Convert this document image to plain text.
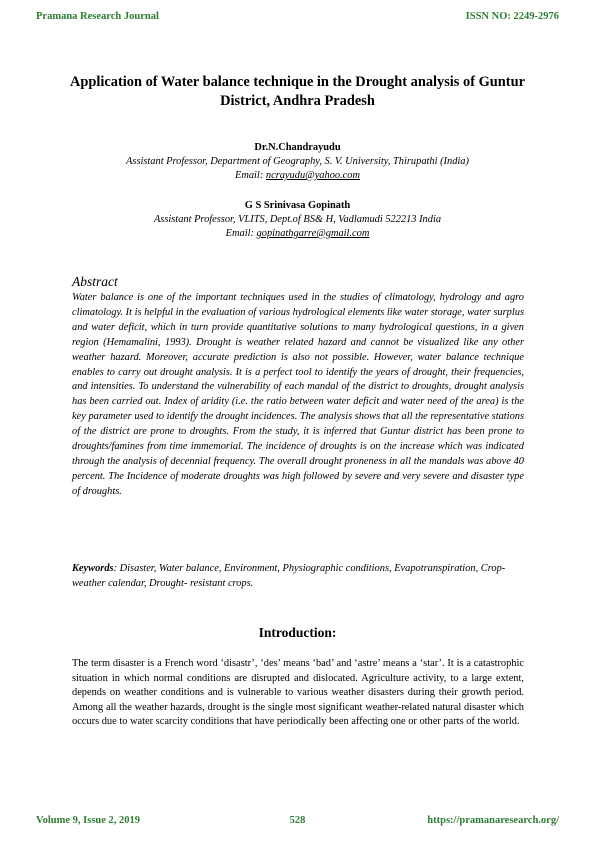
Pramana Research Journal	ISSN NO: 2249-2976
Application of Water balance technique in the Drought analysis of Guntur District, Andhra Pradesh
Dr.N.Chandrayudu
Assistant Professor, Department of Geography, S. V. University, Thirupathi (India)
Email: ncrayudu@yahoo.com
G S Srinivasa Gopinath
Assistant Professor, VLITS, Dept.of BS& H, Vadlamudi 522213 India
Email: gopinathgarre@gmail.com
Abstract
Water balance is one of the important techniques used in the studies of climatology, hydrology and agro climatology. It is helpful in the evaluation of various hydrological elements like water storage, water surplus and water deficit, which in turn provide quantitative solutions to many hydrological questions, in a given region (Hemamalini, 1993). Drought is weather related hazard and cannot be visualized like any other weather hazard. Moreover, accurate prediction is also not possible. However, water balance technique enables to carry out drought analysis. It is a perfect tool to identify the years of drought, their frequencies, and intensities. To understand the vulnerability of each mandal of the district to droughts, drought analysis has been carried out. Index of aridity (i.e. the ratio between water deficit and water need of the area) is the key parameter used to identify the drought incidences. The analysis shows that all the representative stations of the district are prone to droughts. From the study, it is inferred that Guntur district has been prone to droughts/famines from time immemorial. The incidence of droughts is on the increase which was indicated through the analysis of decennial frequency. The overall drought proneness in all the mandals was above 40 percent. The Incidence of moderate droughts was high followed by severe and very severe and disaster type of droughts.
Keywords: Disaster, Water balance, Environment, Physiographic conditions, Evapotranspiration, Crop-weather calendar, Drought- resistant crops.
Introduction:
The term disaster is a French word ‘disastr’, ‘des’ means ‘bad’ and ‘astre’ means a ‘star’. It is a catastrophic situation in which normal conditions are disrupted and dislocated. Agriculture activity, to a large extent, depends on weather conditions and is vulnerable to various weather disasters during their growth period. Among all the weather hazards, drought is the single most significant weather-related natural disaster which occurs due to water scarcity conditions that have periodically been affecting one or other parts of the world.
Volume 9, Issue 2, 2019	528	https://pramanaresearch.org/
